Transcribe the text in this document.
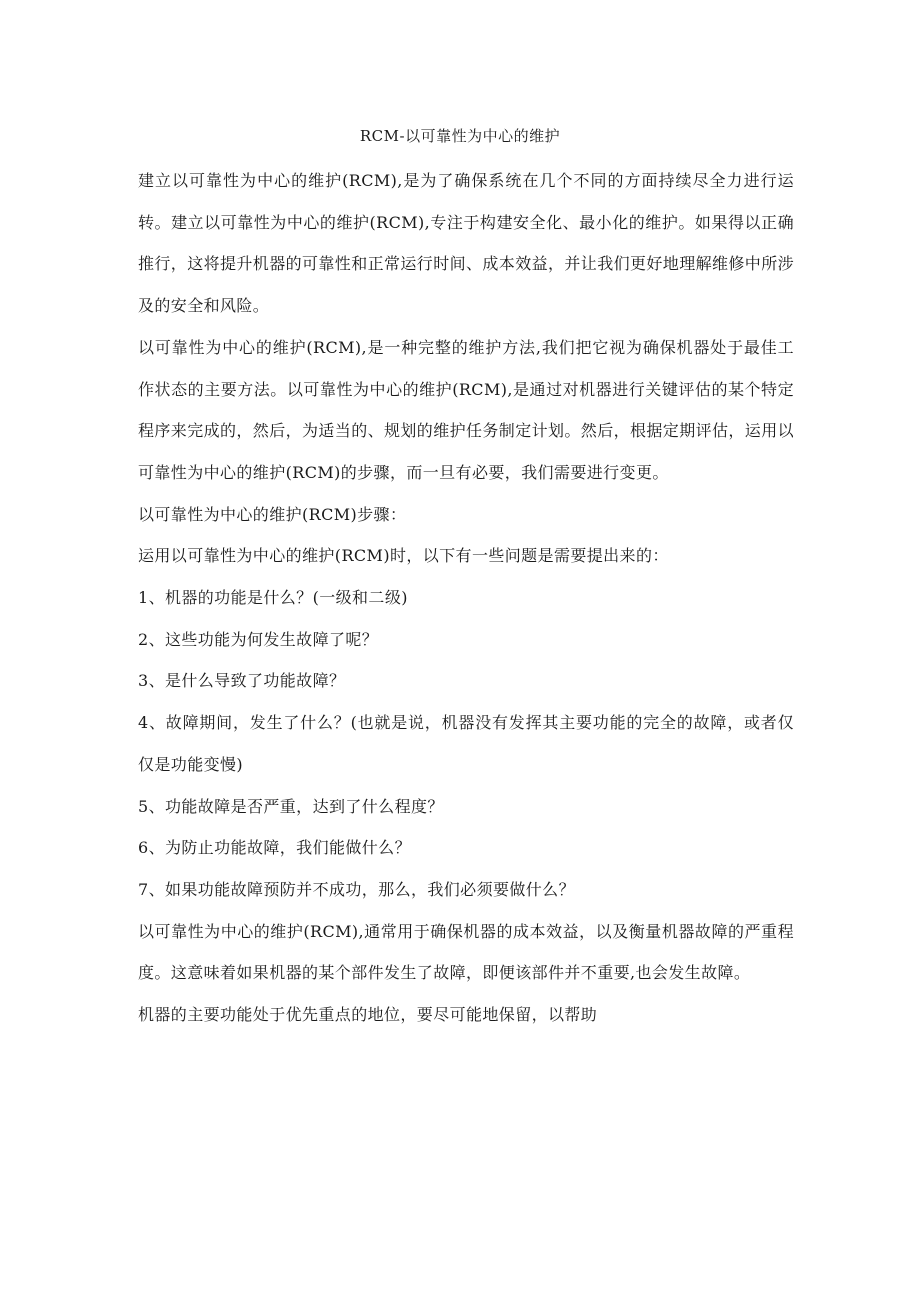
RCM-以可靠性为中心的维护

建立以可靠性为中心的维护(RCM),是为了确保系统在几个不同的方面持续尽全力进行运转。建立以可靠性为中心的维护(RCM),专注于构建安全化、最小化的维护。如果得以正确推行，这将提升机器的可靠性和正常运行时间、成本效益，并让我们更好地理解维修中所涉及的安全和风险。

以可靠性为中心的维护(RCM),是一种完整的维护方法,我们把它视为确保机器处于最佳工作状态的主要方法。以可靠性为中心的维护(RCM),是通过对机器进行关键评估的某个特定程序来完成的，然后，为适当的、规划的维护任务制定计划。然后，根据定期评估，运用以可靠性为中心的维护(RCM)的步骤，而一旦有必要，我们需要进行变更。

以可靠性为中心的维护(RCM)步骤：

运用以可靠性为中心的维护(RCM)时，以下有一些问题是需要提出来的：

1、机器的功能是什么？(一级和二级)

2、这些功能为何发生故障了呢？

3、是什么导致了功能故障？

4、故障期间，发生了什么？(也就是说，机器没有发挥其主要功能的完全的故障，或者仅仅是功能变慢)

5、功能故障是否严重，达到了什么程度？

6、为防止功能故障，我们能做什么？

7、如果功能故障预防并不成功，那么，我们必须要做什么？

以可靠性为中心的维护(RCM),通常用于确保机器的成本效益，以及衡量机器故障的严重程度。这意味着如果机器的某个部件发生了故障，即便该部件并不重要,也会发生故障。

机器的主要功能处于优先重点的地位，要尽可能地保留，以帮助
